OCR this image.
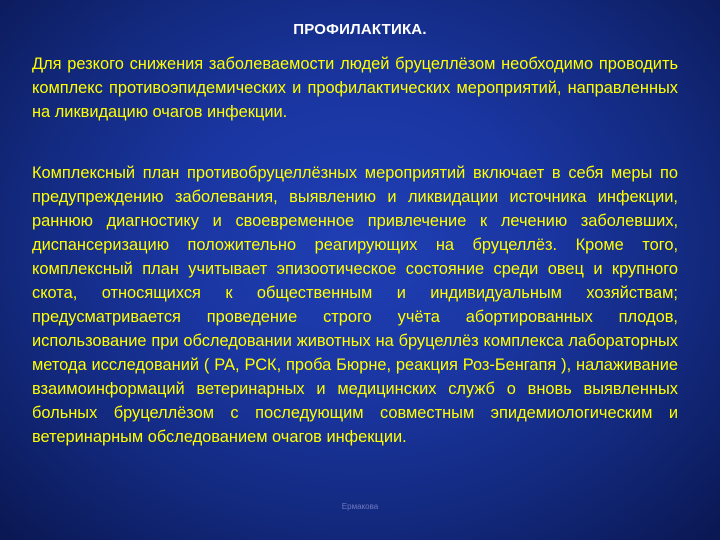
ПРОФИЛАКТИКА.

Для резкого снижения заболеваемости людей бруцеллёзом необходимо проводить комплекс противоэпидемических и профилактических мероприятий, направленных на ликвидацию очагов инфекции.

Комплексный план противобруцеллёзных мероприятий включает в себя меры по предупреждению заболевания, выявлению и ликвидации источника инфекции, раннюю диагностику и своевременное привлечение к лечению заболевших, диспансеризацию положительно реагирующих на бруцеллёз. Кроме того, комплексный план учитывает эпизоотическое состояние среди овец и крупного скота, относящихся к общественным и индивидуальным хозяйствам; предусматривается проведение строго учёта абортированных плодов, использование при обследовании животных на бруцеллёз комплекса лабораторных метода исследований ( РА, РСК, проба Бюрне, реакция Роз-Бенгапя ), налаживание взаимоинформаций ветеринарных и медицинских служб о вновь выявленных больных бруцеллёзом с последующим совместным эпидемиологическим и ветеринарным обследованием очагов инфекции.

Ермакова
